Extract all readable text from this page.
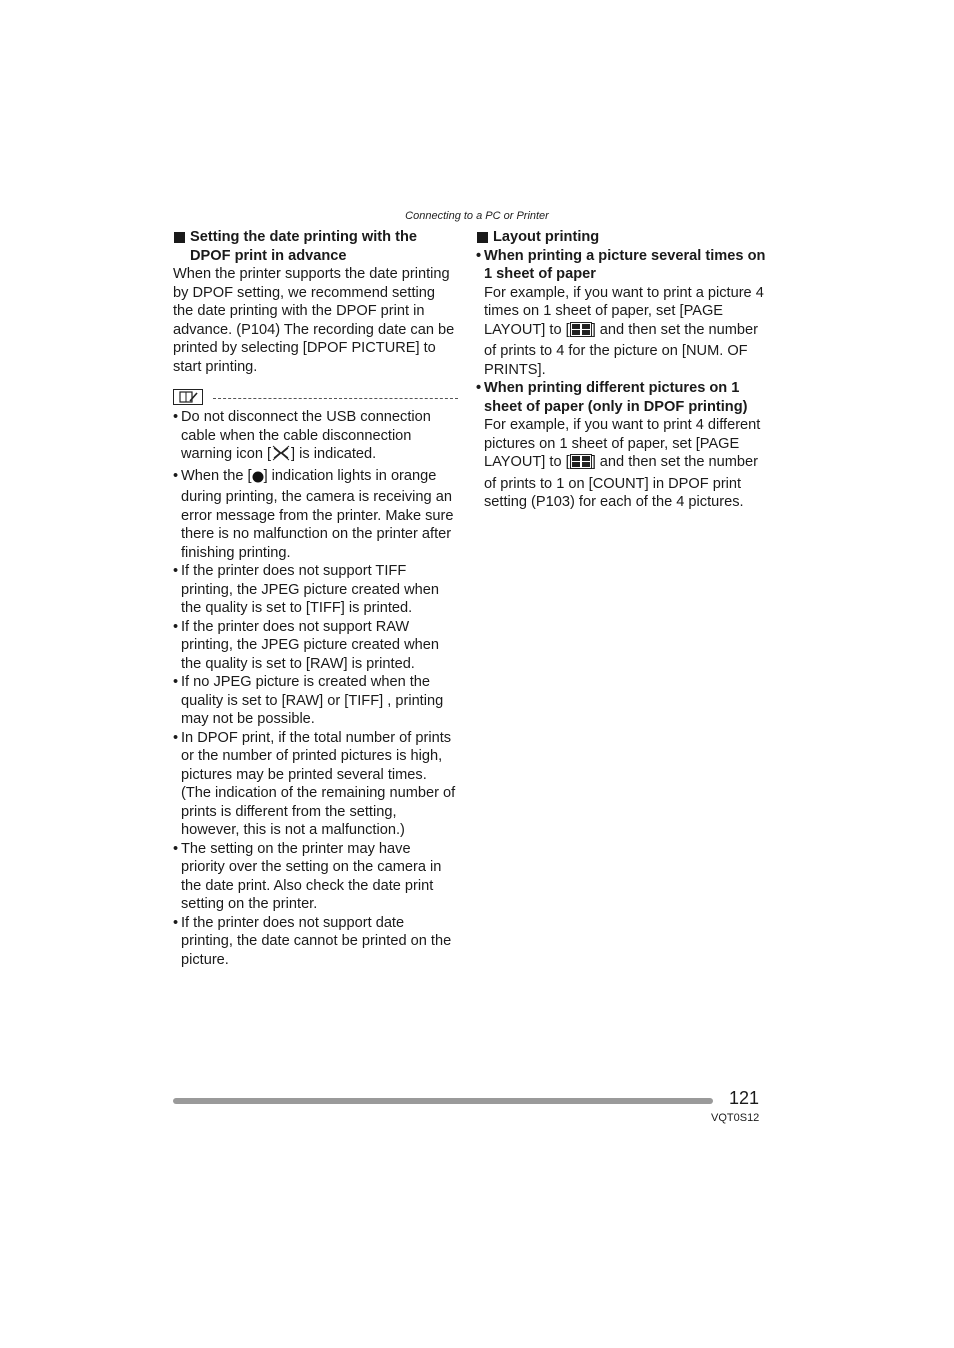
Connecting to a PC or Printer
Setting the date printing with the
DPOF print in advance

When the printer supports the date printing by DPOF setting, we recommend setting the date printing with the DPOF print in advance. (P104) The recording date can be printed by selecting [DPOF PICTURE] to start printing.

• Do not disconnect the USB connection cable when the cable disconnection warning icon [ ] is indicated.
• When the [ ] indication lights in orange during printing, the camera is receiving an error message from the printer. Make sure there is no malfunction on the printer after finishing printing.
• If the printer does not support TIFF printing, the JPEG picture created when the quality is set to [TIFF] is printed.
• If the printer does not support RAW printing, the JPEG picture created when the quality is set to [RAW] is printed.
• If no JPEG picture is created when the quality is set to [RAW] or [TIFF] , printing may not be possible.
• In DPOF print, if the total number of prints or the number of printed pictures is high, pictures may be printed several times. (The indication of the remaining number of prints is different from the setting, however, this is not a malfunction.)
• The setting on the printer may have priority over the setting on the camera in the date print. Also check the date print setting on the printer.
• If the printer does not support date printing, the date cannot be printed on the picture.
Layout printing
• When printing a picture several times on 1 sheet of paper
For example, if you want to print a picture 4 times on 1 sheet of paper, set [PAGE LAYOUT] to [ ] and then set the number of prints to 4 for the picture on [NUM. OF PRINTS].
• When printing different pictures on 1 sheet of paper (only in DPOF printing)
For example, if you want to print 4 different pictures on 1 sheet of paper, set [PAGE LAYOUT] to [ ] and then set the number of prints to 1 on [COUNT] in DPOF print setting (P103) for each of the 4 pictures.
121
VQT0S12
